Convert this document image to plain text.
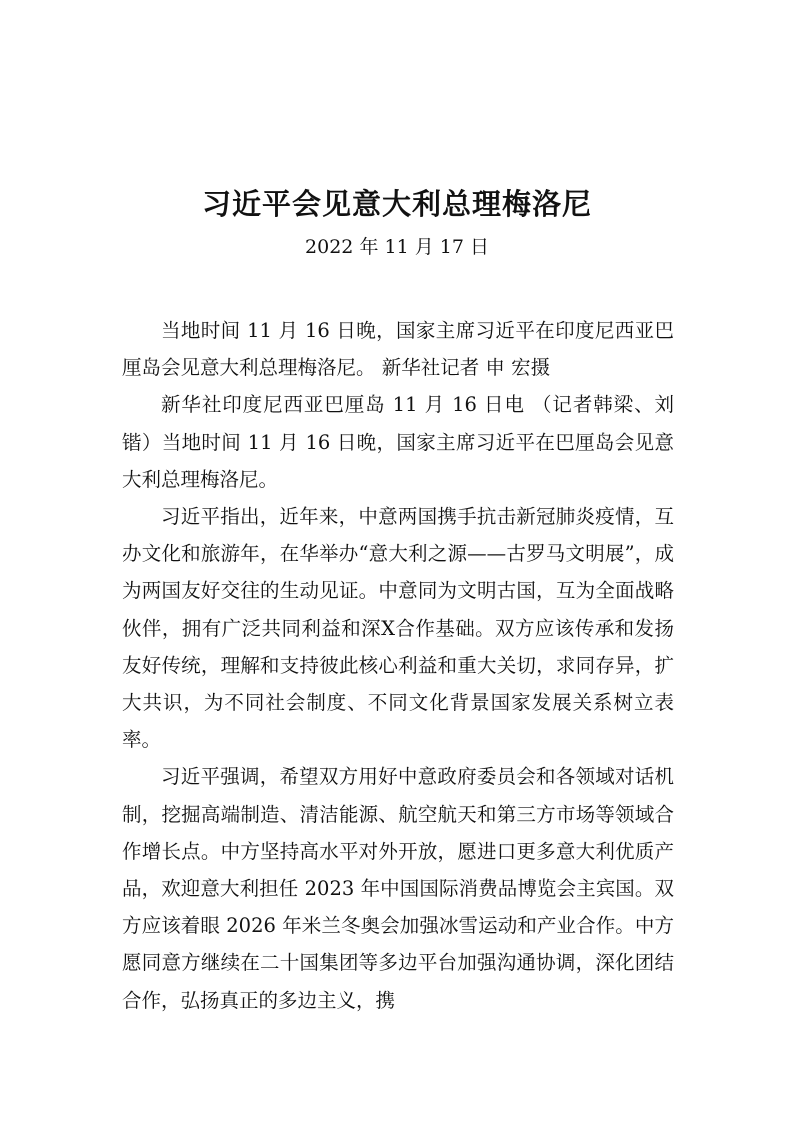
习近平会见意大利总理梅洛尼
2022 年 11 月 17 日

当地时间 11 月 16 日晚，国家主席习近平在印度尼西亚巴厘岛会见意大利总理梅洛尼。 新华社记者 申 宏摄

新华社印度尼西亚巴厘岛 11 月 16 日电 （记者韩梁、刘锴）当地时间 11 月 16 日晚，国家主席习近平在巴厘岛会见意大利总理梅洛尼。

习近平指出，近年来，中意两国携手抗击新冠肺炎疫情，互办文化和旅游年，在华举办“意大利之源——古罗马文明展”，成为两国友好交往的生动见证。中意同为文明古国，互为全面战略伙伴，拥有广泛共同利益和深X合作基础。双方应该传承和发扬友好传统，理解和支持彼此核心利益和重大关切，求同存异，扩大共识，为不同社会制度、不同文化背景国家发展关系树立表率。

习近平强调，希望双方用好中意政府委员会和各领域对话机制，挖掘高端制造、清洁能源、航空航天和第三方市场等领域合作增长点。中方坚持高水平对外开放，愿进口更多意大利优质产品，欢迎意大利担任 2023 年中国国际消费品博览会主宾国。双方应该着眼 2026 年米兰冬奥会加强冰雪运动和产业合作。中方愿同意方继续在二十国集团等多边平台加强沟通协调，深化团结合作，弘扬真正的多边主义，携
